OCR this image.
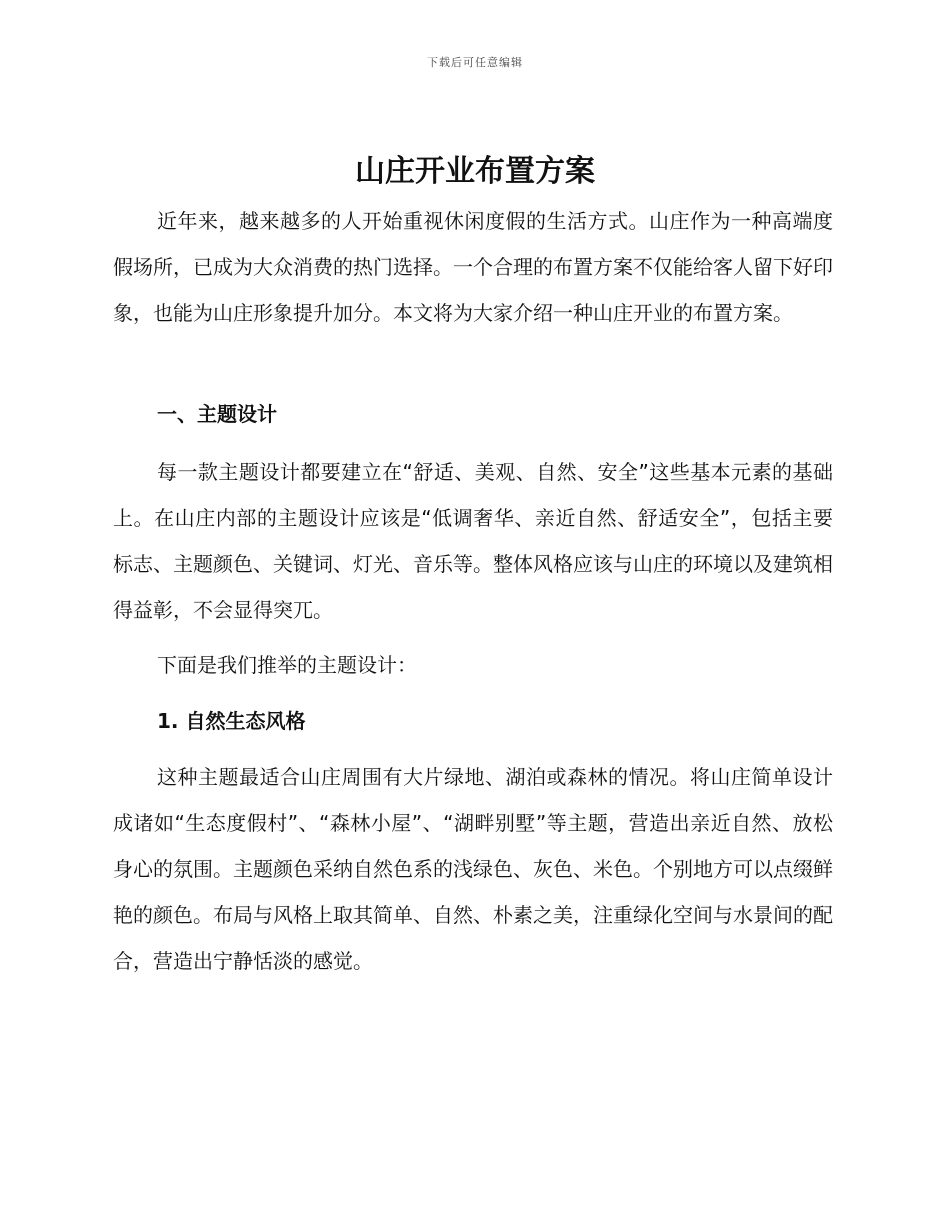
下载后可任意编辑
山庄开业布置方案

近年来，越来越多的人开始重视休闲度假的生活方式。山庄作为一种高端度假场所，已成为大众消费的热门选择。一个合理的布置方案不仅能给客人留下好印象，也能为山庄形象提升加分。本文将为大家介绍一种山庄开业的布置方案。

一、主题设计

每一款主题设计都要建立在“舒适、美观、自然、安全”这些基本元素的基础上。在山庄内部的主题设计应该是“低调奢华、亲近自然、舒适安全”，包括主要标志、主题颜色、关键词、灯光、音乐等。整体风格应该与山庄的环境以及建筑相得益彰，不会显得突兀。

下面是我们推举的主题设计：

1. 自然生态风格

这种主题最适合山庄周围有大片绿地、湖泊或森林的情况。将山庄简单设计成诸如“生态度假村”、“森林小屋”、“湖畔别墅”等主题，营造出亲近自然、放松身心的氛围。主题颜色采纳自然色系的浅绿色、灰色、米色。个别地方可以点缀鲜艳的颜色。布局与风格上取其简单、自然、朴素之美，注重绿化空间与水景间的配合，营造出宁静恬淡的感觉。
